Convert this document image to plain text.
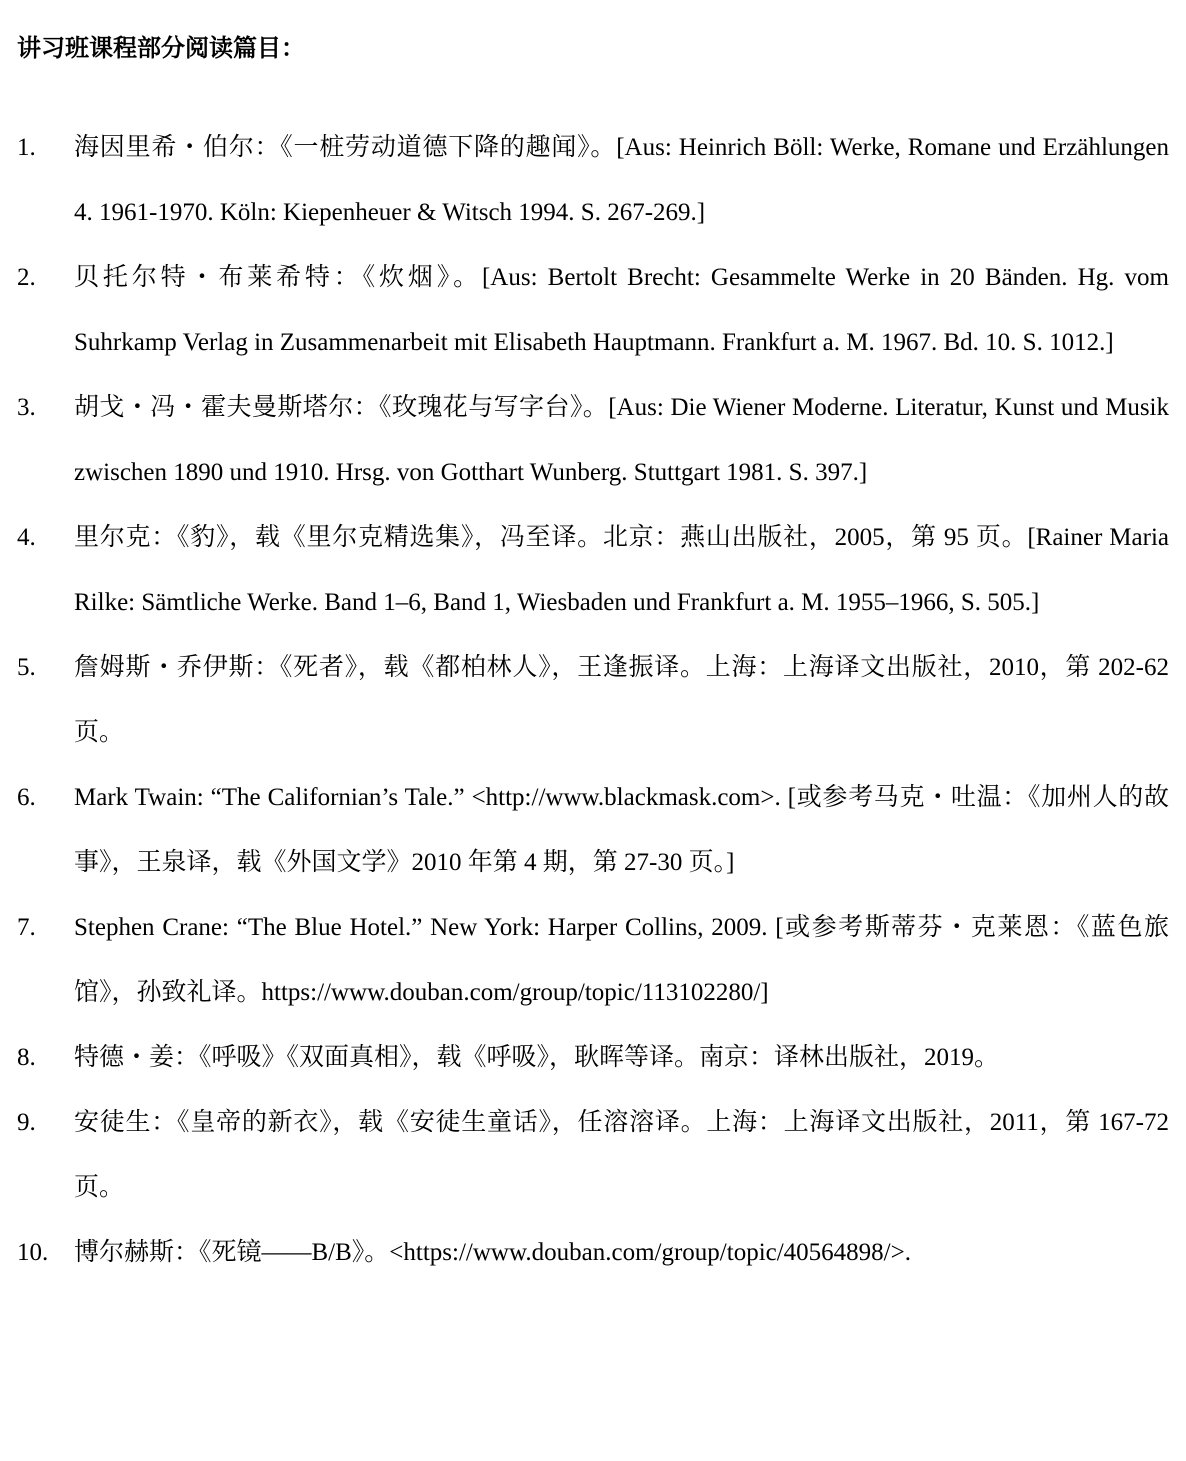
讲习班课程部分阅读篇目：
1. 海因里希・伯尔：《一桩劳动道德下降的趣闻》。[Aus: Heinrich Böll: Werke, Romane und Erzählungen 4. 1961-1970. Köln: Kiepenheuer & Witsch 1994. S. 267-269.]
2. 贝托尔特・布莱希特：《炊烟》。[Aus: Bertolt Brecht: Gesammelte Werke in 20 Bänden. Hg. vom Suhrkamp Verlag in Zusammenarbeit mit Elisabeth Hauptmann. Frankfurt a. M. 1967. Bd. 10. S. 1012.]
3. 胡戈・冯・霍夫曼斯塔尔：《玫瑰花与写字台》。[Aus: Die Wiener Moderne. Literatur, Kunst und Musik zwischen 1890 und 1910. Hrsg. von Gotthart Wunberg. Stuttgart 1981. S. 397.]
4. 里尔克：《豹》，载《里尔克精选集》，冯至译。北京：燕山出版社，2005，第 95 页。[Rainer Maria Rilke: Sämtliche Werke. Band 1–6, Band 1, Wiesbaden und Frankfurt a. M. 1955–1966, S. 505.]
5. 詹姆斯・乔伊斯：《死者》，载《都柏林人》，王逢振译。上海：上海译文出版社，2010，第 202-62 页。
6. Mark Twain: “The Californian’s Tale.” <http://www.blackmask.com>. [或参考马克・吐温：《加州人的故事》，王泉译，载《外国文学》2010 年第 4 期，第 27-30 页。]
7. Stephen Crane: “The Blue Hotel.” New York: Harper Collins, 2009. [或参考斯蒂芬・克莱恩：《蓝色旅馆》，孙致礼译。https://www.douban.com/group/topic/113102280/]
8. 特德・姜：《呼吸》《双面真相》，载《呼吸》，耿晖等译。南京：译林出版社，2019。
9. 安徒生：《皇帝的新衣》，载《安徒生童话》，任溶溶译。上海：上海译文出版社，2011，第 167-72 页。
10. 博尔赫斯：《死镜——B/B》。<https://www.douban.com/group/topic/40564898/>.
